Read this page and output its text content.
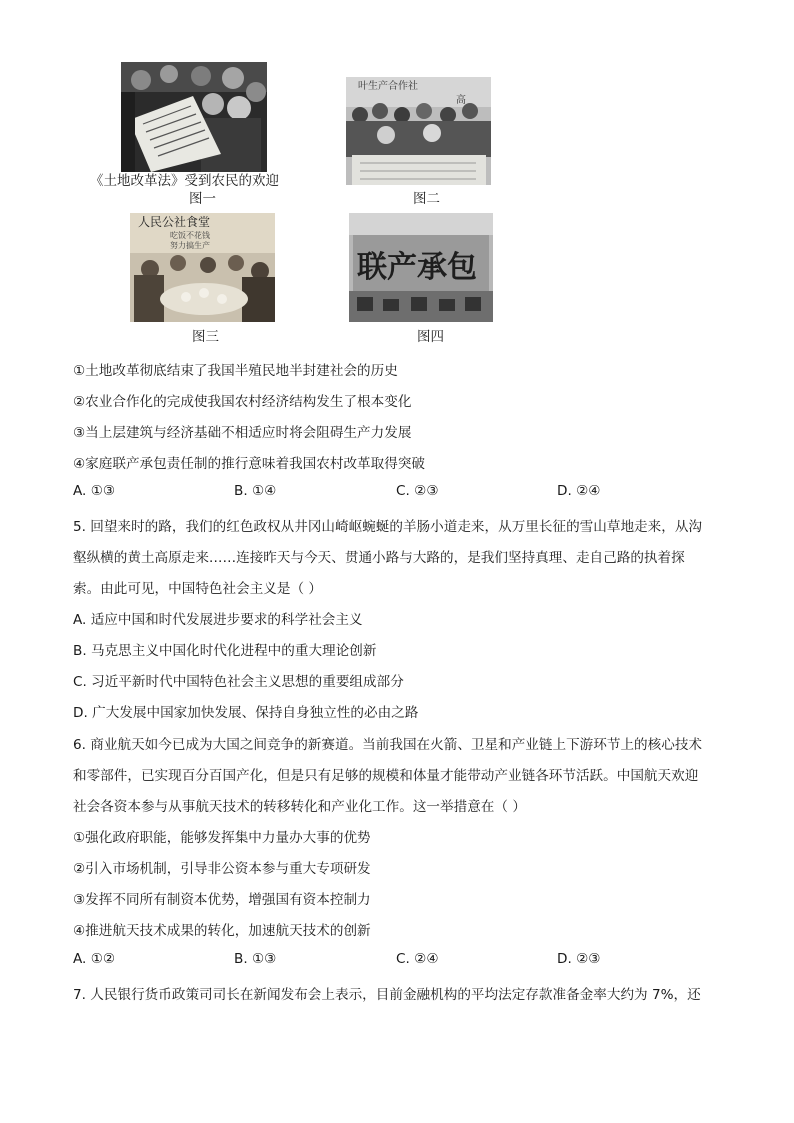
《土地改革法》受到农民的欢迎
图一
叶生产合作社
高
图二
人民公社食堂
吃饭不花钱
努力搞生产
图三
联产承包
图四
①土地改革彻底结束了我国半殖民地半封建社会的历史
②农业合作化的完成使我国农村经济结构发生了根本变化
③当上层建筑与经济基础不相适应时将会阻碍生产力发展
④家庭联产承包责任制的推行意味着我国农村改革取得突破
A. ①③	B. ①④	C. ②③	D. ②④
5. 回望来时的路，我们的红色政权从井冈山崎岖蜿蜒的羊肠小道走来，从万里长征的雪山草地走来，从沟
壑纵横的黄土高原走来……连接昨天与今天、贯通小路与大路的，是我们坚持真理、走自己路的执着探
索。由此可见，中国特色社会主义是（ ）
A. 适应中国和时代发展进步要求的科学社会主义
B. 马克思主义中国化时代化进程中的重大理论创新
C. 习近平新时代中国特色社会主义思想的重要组成部分
D. 广大发展中国家加快发展、保持自身独立性的必由之路
6. 商业航天如今已成为大国之间竞争的新赛道。当前我国在火箭、卫星和产业链上下游环节上的核心技术
和零部件，已实现百分百国产化，但是只有足够的规模和体量才能带动产业链各环节活跃。中国航天欢迎
社会各资本参与从事航天技术的转移转化和产业化工作。这一举措意在（ ）
①强化政府职能，能够发挥集中力量办大事的优势
②引入市场机制，引导非公资本参与重大专项研发
③发挥不同所有制资本优势，增强国有资本控制力
④推进航天技术成果的转化，加速航天技术的创新
A. ①②	B. ①③	C. ②④	D. ②③
7. 人民银行货币政策司司长在新闻发布会上表示，目前金融机构的平均法定存款准备金率大约为 7%，还
